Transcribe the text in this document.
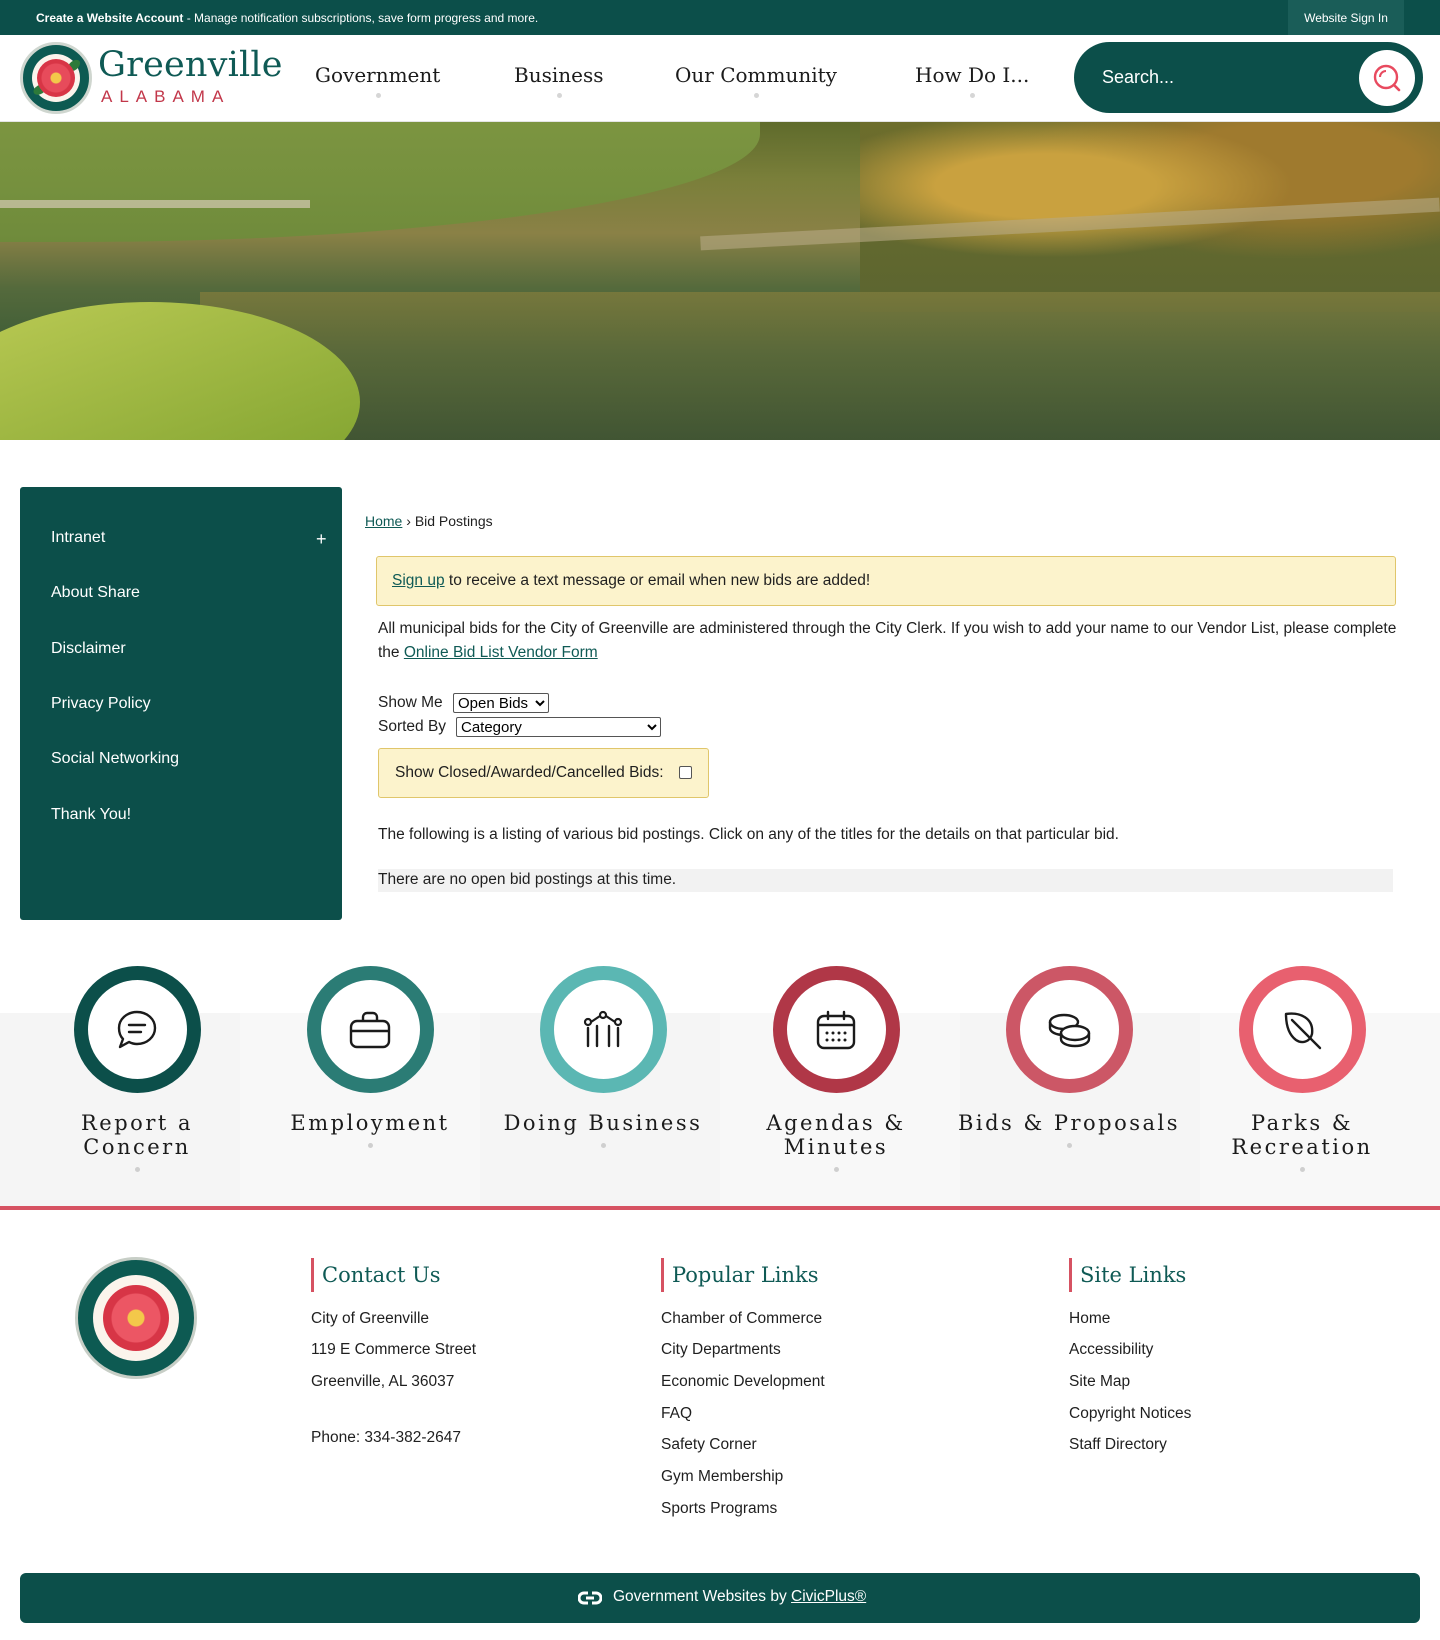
Create a Website Account - Manage notification subscriptions, save form progress and more.	Website Sign In
Greenville
ALABAMA
Government	Business	Our Community	How Do I...
Search...
Intranet	+
About Share
Disclaimer
Privacy Policy
Social Networking
Thank You!
Home › Bid Postings
Sign up to receive a text message or email when new bids are added!
All municipal bids for the City of Greenville are administered through the City Clerk. If you wish to add your name to our Vendor List, please complete the Online Bid List Vendor Form
Show Me
Open Bids
Sorted By
Category
Show Closed/Awarded/Cancelled Bids:
The following is a listing of various bid postings. Click on any of the titles for the details on that particular bid.
There are no open bid postings at this time.
Report a
Concern
Employment	Doing Business	Agendas &
Minutes
Bids & Proposals	Parks &
Recreation
Contact Us
City of Greenville
119 E Commerce Street
Greenville, AL 36037
Phone: 334-382-2647
Popular Links
Chamber of Commerce
City Departments
Economic Development
FAQ
Safety Corner
Gym Membership
Sports Programs
Site Links
Home
Accessibility
Site Map
Copyright Notices
Staff Directory
Government Websites by CivicPlus®
